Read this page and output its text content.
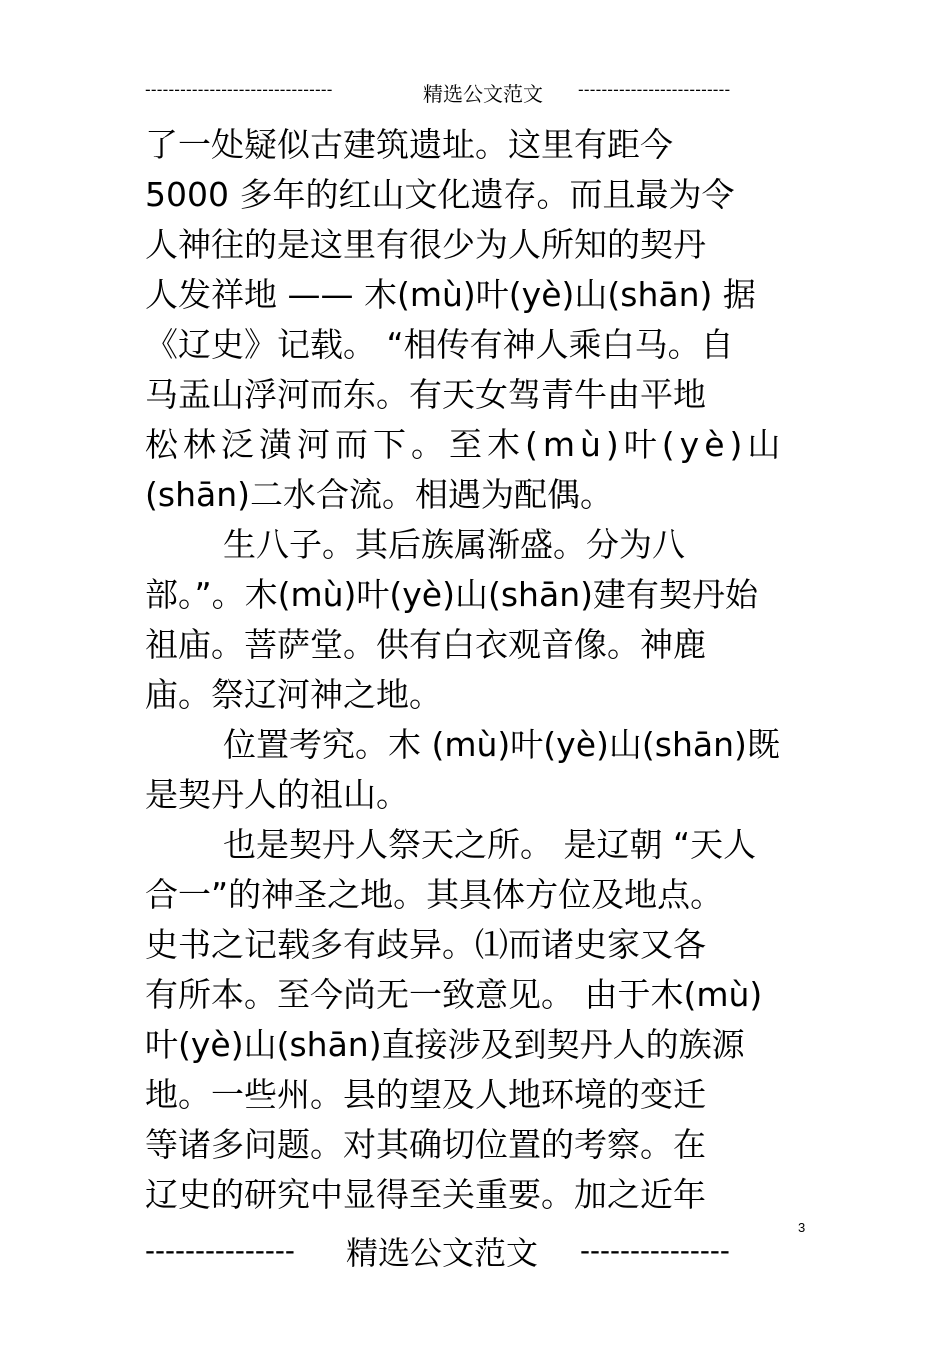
--------------------------------	精选公文范文 --------------------------
了一处疑似古建筑遗址。这里有距今
5000 多年的红山文化遗存。而且最为令
人神往的是这里有很少为人所知的契丹
人发祥地 —— 木(mù)叶(yè)山(shān) 据
《辽史》记载。 “相传有神人乘白马。自
马盂山浮河而东。有天女驾青牛由平地
松林泛潢河而下。至木(mù)叶(yè)山
(shān)二水合流。相遇为配偶。
生八子。其后族属渐盛。分为八
部。”。木(mù)叶(yè)山(shān)建有契丹始
祖庙。菩萨堂。供有白衣观音像。神鹿
庙。祭辽河神之地。
位置考究。木 (mù)叶(yè)山(shān)既
是契丹人的祖山。
也是契丹人祭天之所。 是辽朝 “天人
合一”的神圣之地。其具体方位及地点。
史书之记载多有歧异。⑴而诸史家又各
有所本。至今尚无一致意见。 由于木(mù)
叶(yè)山(shān)直接涉及到契丹人的族源
地。一些州。县的望及人地环境的变迁
等诸多问题。对其确切位置的考察。在
辽史的研究中显得至关重要。加之近年
3
--------------- 精选公文范文 ---------------
